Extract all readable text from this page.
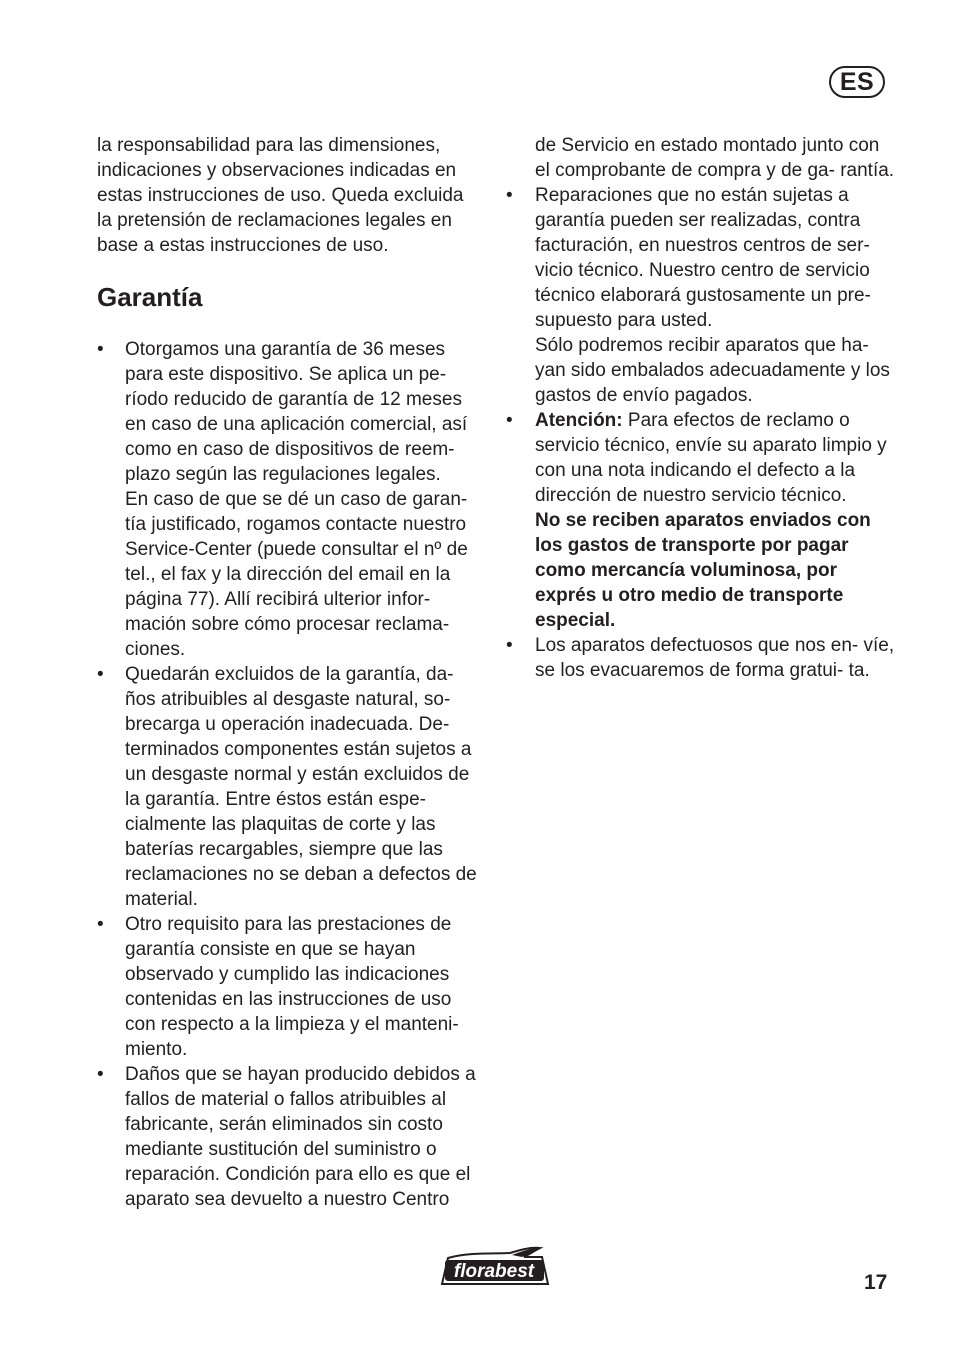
ES

la responsabilidad para las dimensiones, indicaciones y observaciones indicadas en estas instrucciones de uso. Queda excluida la pretensión de reclamaciones legales en base a estas instrucciones de uso.

Garantía
• Otorgamos una garantía de 36 meses para este dispositivo. Se aplica un pe- ríodo reducido de garantía de 12 meses en caso de una aplicación comercial, así como en caso de dispositivos de reem- plazo según las regulaciones legales.
En caso de que se dé un caso de garan- tía justificado, rogamos contacte nuestro Service-Center (puede consultar el nº de tel., el fax y la dirección del email en la página 77). Allí recibirá ulterior infor- mación sobre cómo procesar reclama- ciones.
• Quedarán excluidos de la garantía, da- ños atribuibles al desgaste natural, so- brecarga u operación inadecuada. De- terminados componentes están sujetos a un desgaste normal y están excluidos de la garantía. Entre éstos están espe- cialmente las plaquitas de corte y las baterías recargables, siempre que las reclamaciones no se deban a defectos de material.
• Otro requisito para las prestaciones de garantía consiste en que se hayan observado y cumplido las indicaciones contenidas en las instrucciones de uso con respecto a la limpieza y el manteni- miento.
• Daños que se hayan producido debidos a fallos de material o fallos atribuibles al fabricante, serán eliminados sin costo mediante sustitución del suministro o reparación. Condición para ello es que el aparato sea devuelto a nuestro Centro
de Servicio en estado montado junto con el comprobante de compra y de ga- rantía.
• Reparaciones que no están sujetas a garantía pueden ser realizadas, contra facturación, en nuestros centros de ser- vicio técnico. Nuestro centro de servicio técnico elaborará gustosamente un pre- supuesto para usted.
Sólo podremos recibir aparatos que ha- yan sido embalados adecuadamente y los gastos de envío pagados.
• Atención: Para efectos de reclamo o servicio técnico, envíe su aparato limpio y con una nota indicando el defecto a la dirección de nuestro servicio técnico.
No se reciben aparatos enviados con los gastos de transporte por pagar como mercancía voluminosa, por exprés u otro medio de transporte especial.
• Los aparatos defectuosos que nos en- víe, se los evacuaremos de forma gratui- ta.
florabest	17
